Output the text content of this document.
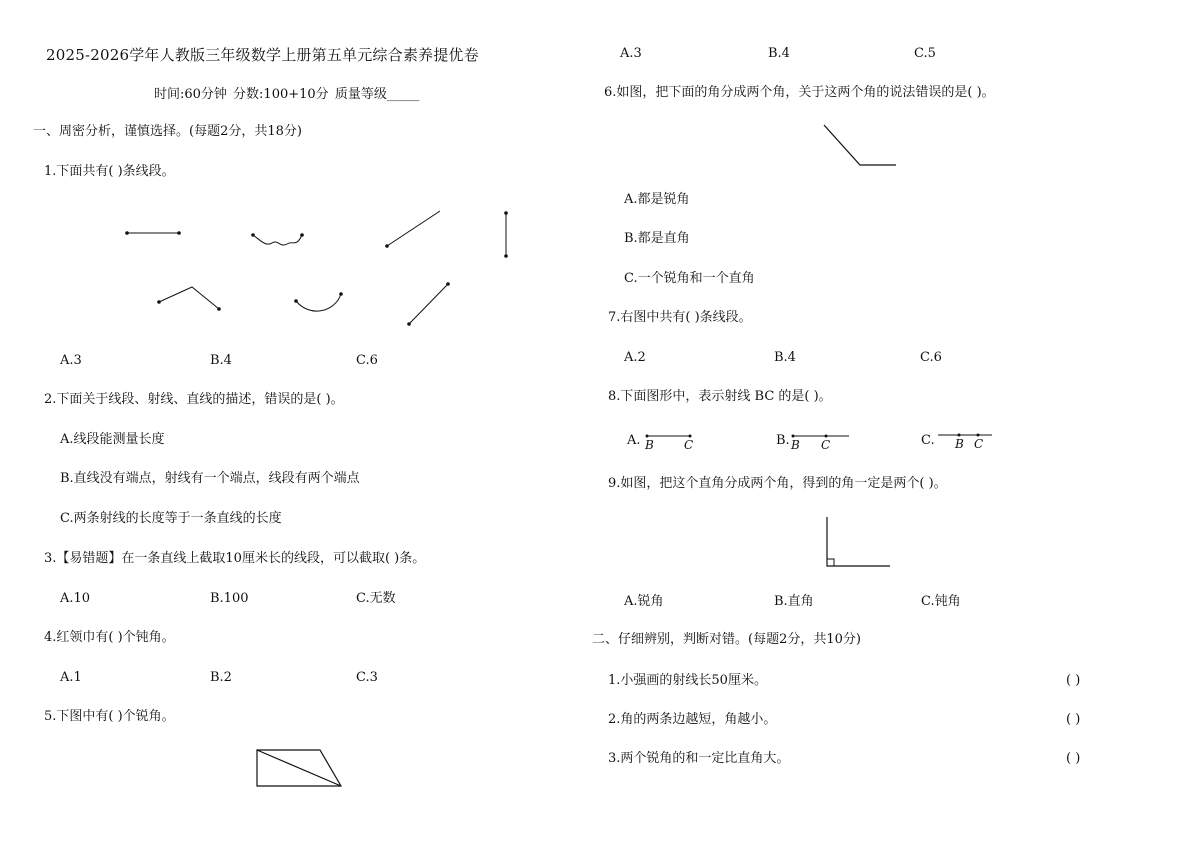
2025-2026学年人教版三年级数学上册第五单元综合素养提优卷
时间:60分钟 分数:100+10分 质量等级_____
一、周密分析，谨慎选择。(每题2分，共18分)
1.下面共有( )条线段。
A.3	B.4	C.6
2.下面关于线段、射线、直线的描述，错误的是( )。
A.线段能测量长度
B.直线没有端点，射线有一个端点，线段有两个端点
C.两条射线的长度等于一条直线的长度
3.【易错题】在一条直线上截取10厘米长的线段，可以截取( )条。
A.10	B.100	C.无数
4.红领巾有( )个钝角。
A.1	B.2	C.3
5.下图中有( )个锐角。
A.3	B.4	C.5
6.如图，把下面的角分成两个角，关于这两个角的说法错误的是( )。
A.都是锐角
B.都是直角
C.一个锐角和一个直角
7.右图中共有( )条线段。
A.2	B.4	C.6
8.下面图形中，表示射线 BC 的是( )。
A.	B.	C.
B	C	B C	B C
9.如图，把这个直角分成两个角，得到的角一定是两个( )。
A.锐角	B.直角	C.钝角
二、仔细辨别，判断对错。(每题2分，共10分)
1.小强画的射线长50厘米。	( )
2.角的两条边越短，角越小。	( )
3.两个锐角的和一定比直角大。	( )
